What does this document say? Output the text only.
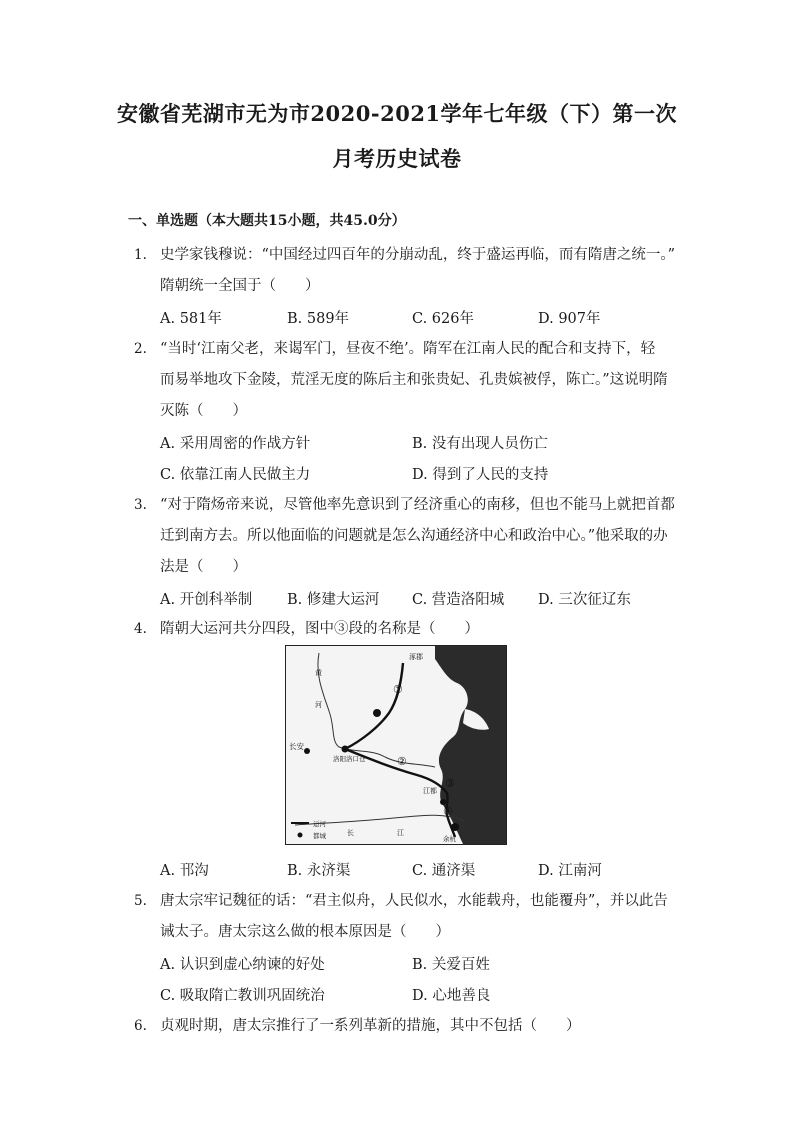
安徽省芜湖市无为市2020-2021学年七年级（下）第一次
月考历史试卷
一、单选题（本大题共15小题，共45.0分）
1. 史学家钱穆说：“中国经过四百年的分崩动乱，终于盛运再临，而有隋唐之统一。”
隋朝统一全国于（　　）
A. 581年	B. 589年	C. 626年	D. 907年
2. “当时‘江南父老，来谒军门，昼夜不绝’。隋军在江南人民的配合和支持下，轻
而易举地攻下金陵，荒淫无度的陈后主和张贵妃、孔贵嫔被俘，陈亡。”这说明隋
灭陈（　　）
A. 采用周密的作战方针	B. 没有出现人员伤亡
C. 依靠江南人民做主力	D. 得到了人民的支持
3. “对于隋炀帝来说，尽管他率先意识到了经济重心的南移，但也不能马上就把首都
迁到南方去。所以他面临的问题就是怎么沟通经济中心和政治中心。”他采取的办
法是（　　）
A. 开创科举制 B. 修建大运河 C. 营造洛阳城 D. 三次征辽东
4. 隋朝大运河共分四段，图中③段的名称是（　　）
涿郡
长安
洛阳洛口仓
江都
余杭
黄
河
长	江
①
②
③
④
运河
都城
A. 邗沟	B. 永济渠	C. 通济渠	D. 江南河
5. 唐太宗牢记魏征的话：“君主似舟，人民似水，水能载舟，也能覆舟”，并以此告
诫太子。唐太宗这么做的根本原因是（　　）
A. 认识到虚心纳谏的好处	B. 关爱百姓
C. 吸取隋亡教训巩固统治	D. 心地善良
6. 贞观时期，唐太宗推行了一系列革新的措施，其中不包括（　　）
